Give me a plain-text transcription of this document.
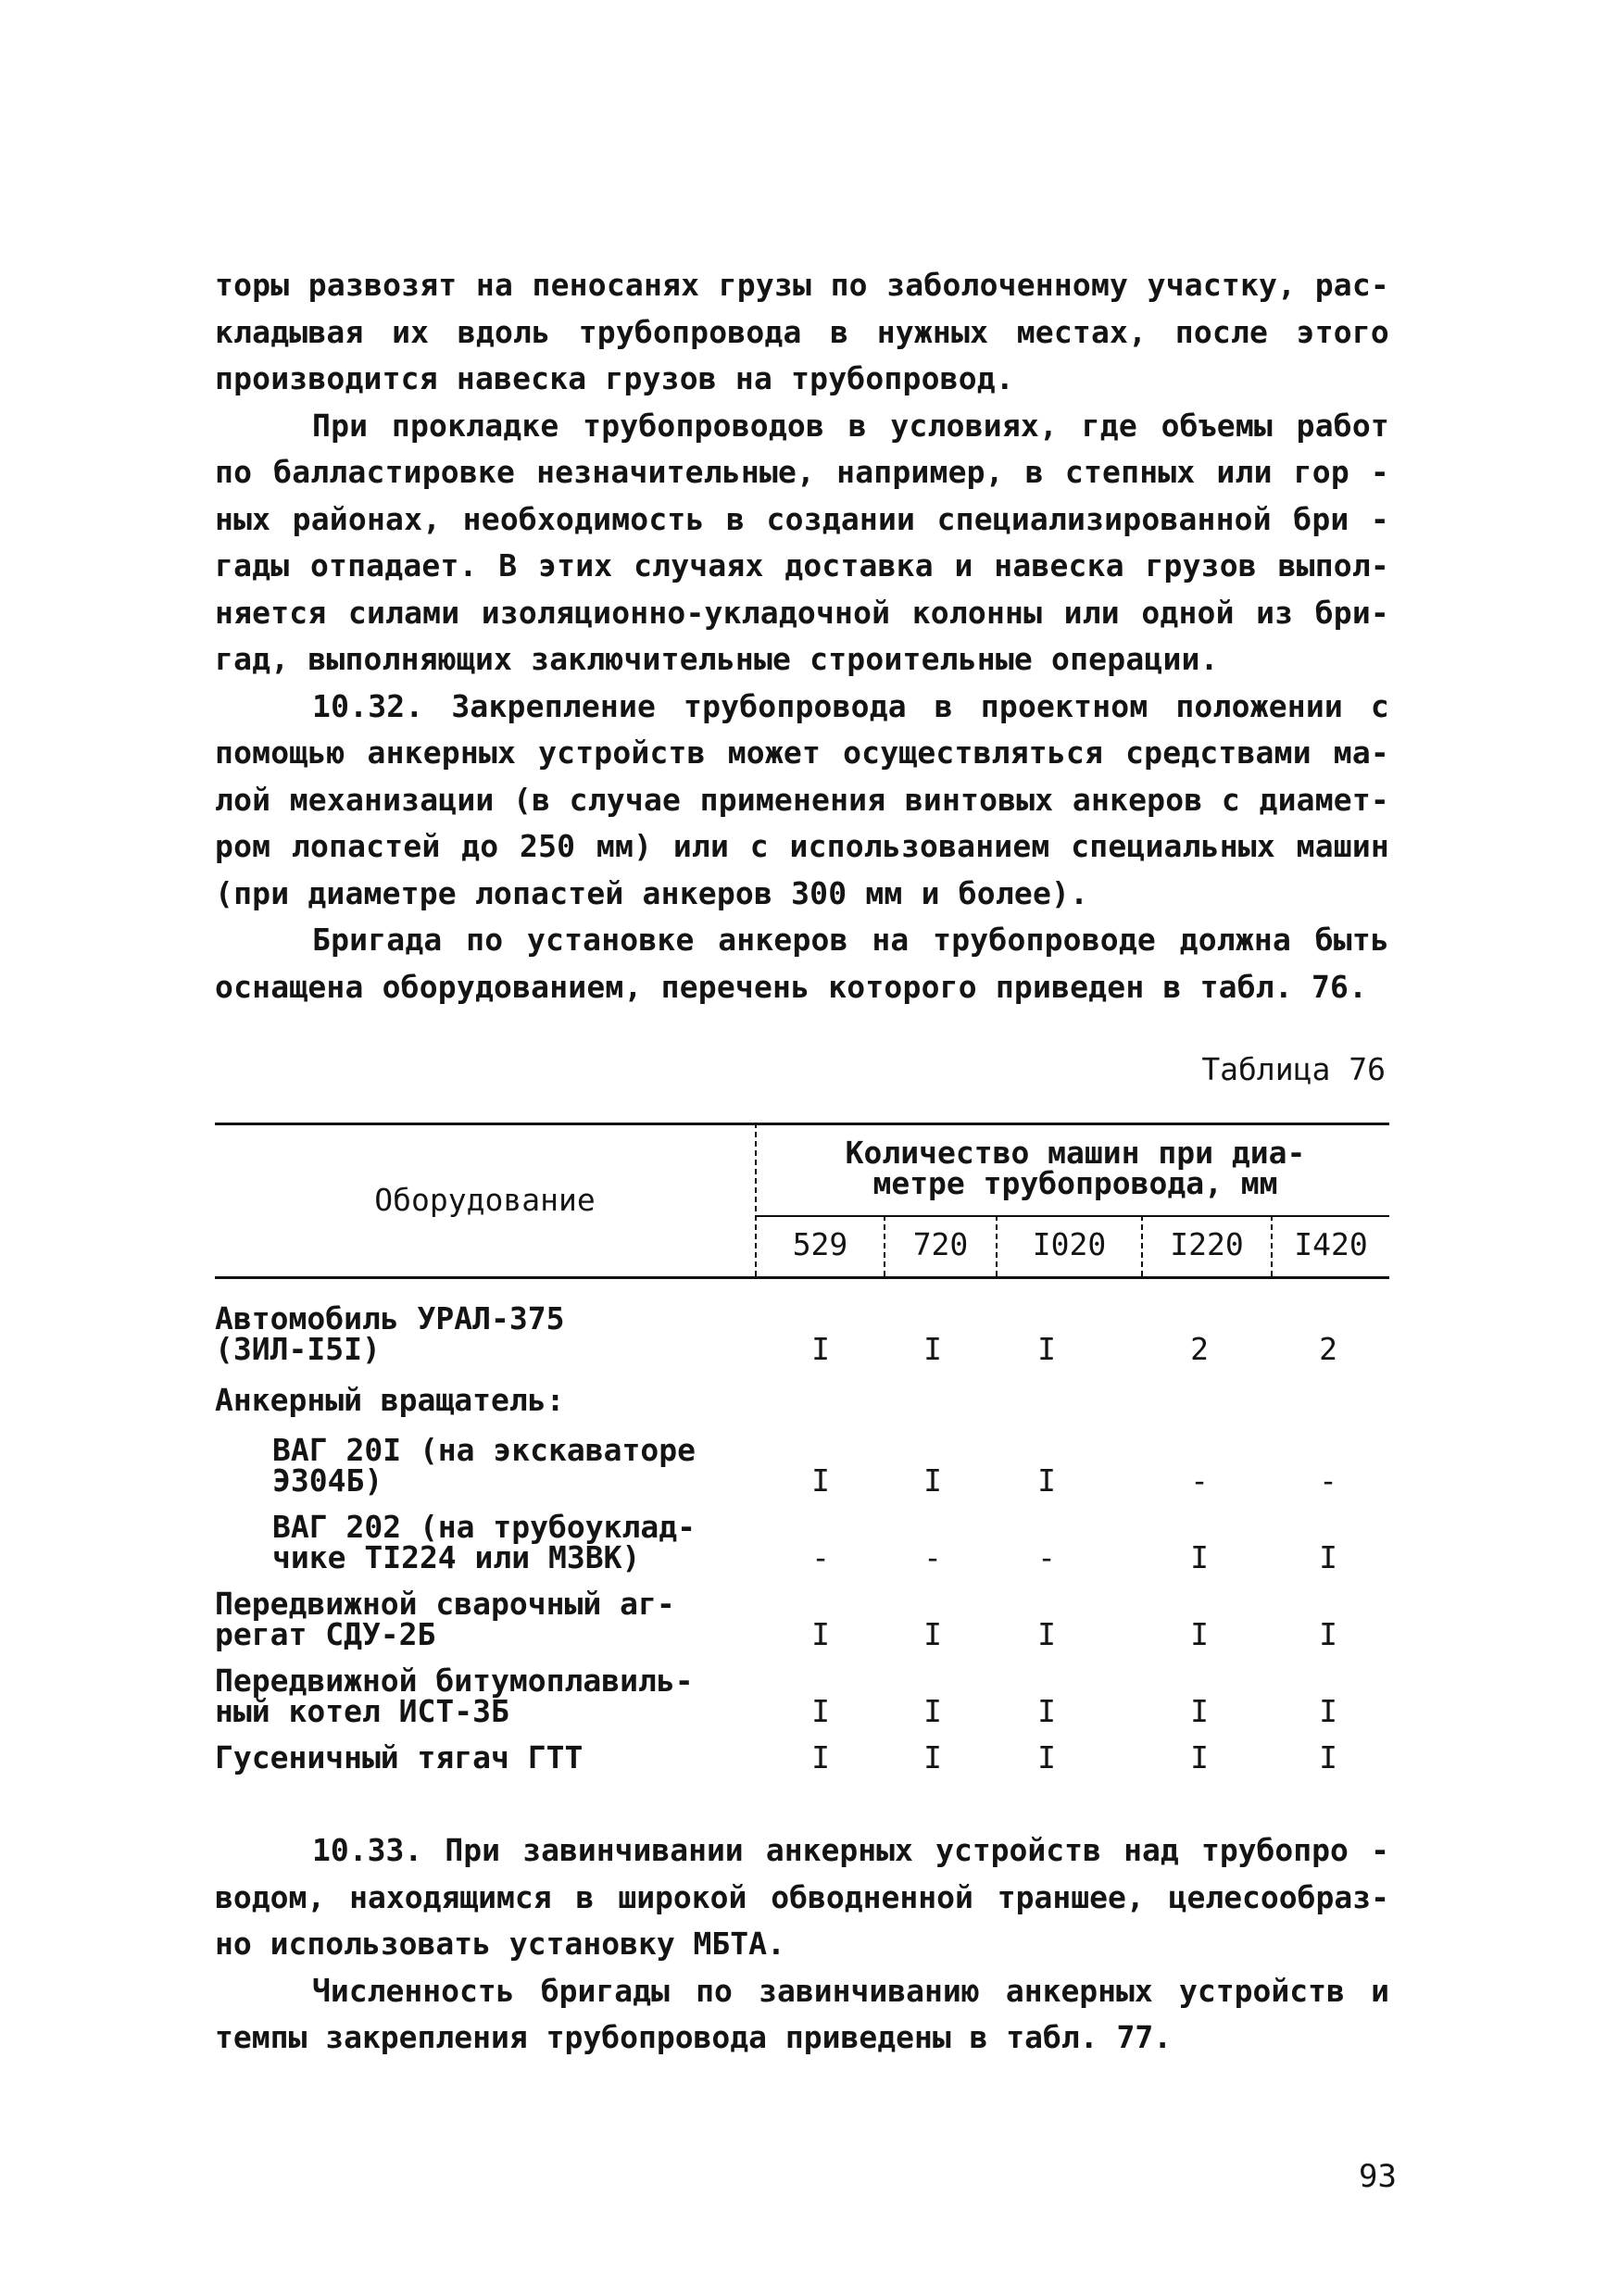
торы развозят на пеносанях грузы по заболоченному участку, рас-
кладывая их вдоль трубопровода в нужных местах, после этого
производится навеска грузов на трубопровод.
При прокладке трубопроводов в условиях, где объемы работ
по балластировке незначительные, например, в степных или гор -
ных районах, необходимость в создании специализированной бри -
гады отпадает. В этих случаях доставка и навеска грузов выпол-
няется силами изоляционно-укладочной колонны или одной из бри-
гад, выполняющих заключительные строительные операции.
10.32. Закрепление трубопровода в проектном положении с
помощью анкерных устройств может осуществляться средствами ма-
лой механизации (в случае применения винтовых анкеров с диамет-
ром лопастей до 250 мм) или с использованием специальных машин
(при диаметре лопастей анкеров 300 мм и более).
Бригада по установке анкеров на трубопроводе должна быть
оснащена оборудованием, перечень которого приведен в табл. 76.
Таблица 76
Оборудование
Количество машин при диа-
метре трубопровода, мм
529	720	I020	I220	I420
Автомобиль УРАЛ-375
(ЗИЛ-I5I)	I	I	I	2	2
Анкерный вращатель:
ВАГ 20I (на экскаваторе
Э304Б)	I	I	I	-	-
ВАГ 202 (на трубоуклад-
чике ТI224 или МЗВК)	-	-	-	I	I
Передвижной сварочный аг-
регат СДУ-2Б	I	I	I	I	I
Передвижной битумоплавиль-
ный котел ИСТ-3Б	I	I	I	I	I
Гусеничный тягач ГТТ	I	I	I	I	I
10.33. При завинчивании анкерных устройств над трубопро -
водом, находящимся в широкой обводненной траншее, целесообраз-
но использовать установку МБТА.
Численность бригады по завинчиванию анкерных устройств и
темпы закрепления трубопровода приведены в табл. 77.
93
